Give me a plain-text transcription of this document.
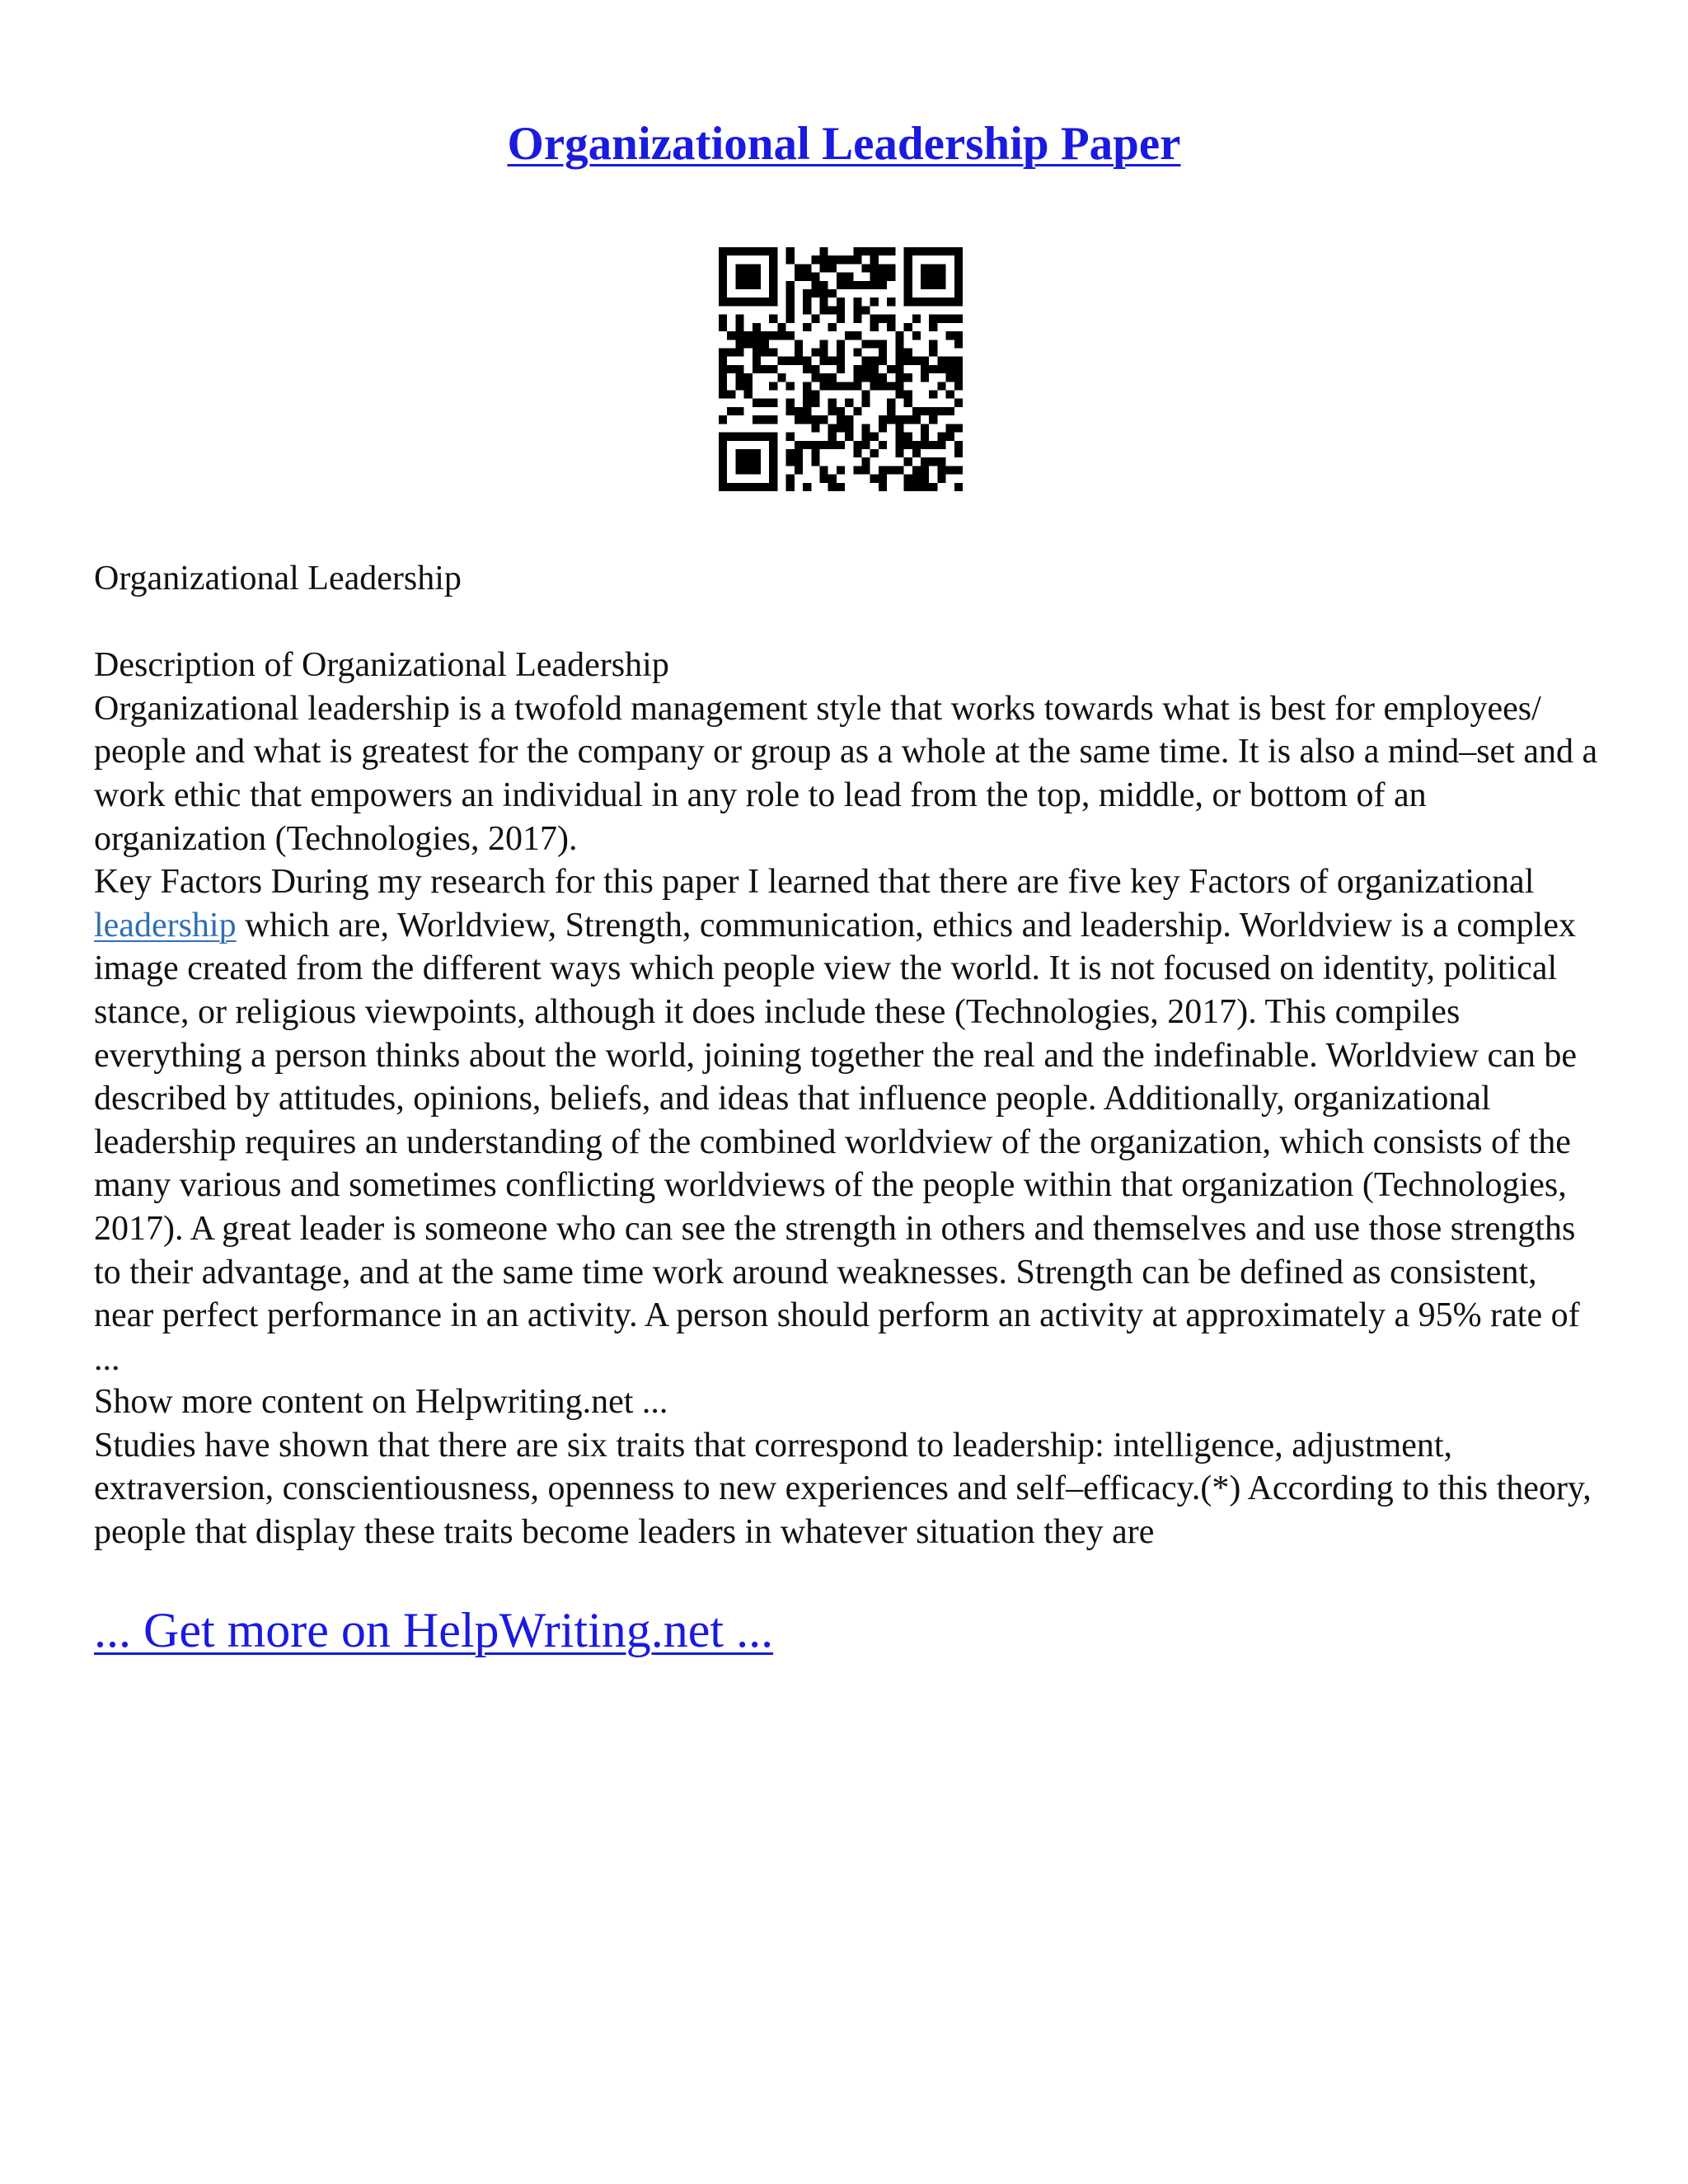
Organizational Leadership Paper

Organizational Leadership

Description of Organizational Leadership

Organizational leadership is a twofold management style that works towards what is best for employees/ people and what is greatest for the company or group as a whole at the same time. It is also a mind–set and a work ethic that empowers an individual in any role to lead from the top, middle, or bottom of an organization (Technologies, 2017).

Key Factors During my research for this paper I learned that there are five key Factors of organizational leadership which are, Worldview, Strength, communication, ethics and leadership. Worldview is a complex image created from the different ways which people view the world. It is not focused on identity, political stance, or religious viewpoints, although it does include these (Technologies, 2017). This compiles everything a person thinks about the world, joining together the real and the indefinable. Worldview can be described by attitudes, opinions, beliefs, and ideas that influence people. Additionally, organizational leadership requires an understanding of the combined worldview of the organization, which consists of the many various and sometimes conflicting worldviews of the people within that organization (Technologies, 2017). A great leader is someone who can see the strength in others and themselves and use those strengths to their advantage, and at the same time work around weaknesses. Strength can be defined as consistent, near perfect performance in an activity. A person should perform an activity at approximately a 95% rate of ...

Show more content on Helpwriting.net ...

Studies have shown that there are six traits that correspond to leadership: intelligence, adjustment, extraversion, conscientiousness, openness to new experiences and self–efficacy.(*) According to this theory, people that display these traits become leaders in whatever situation they are

... Get more on HelpWriting.net ...
